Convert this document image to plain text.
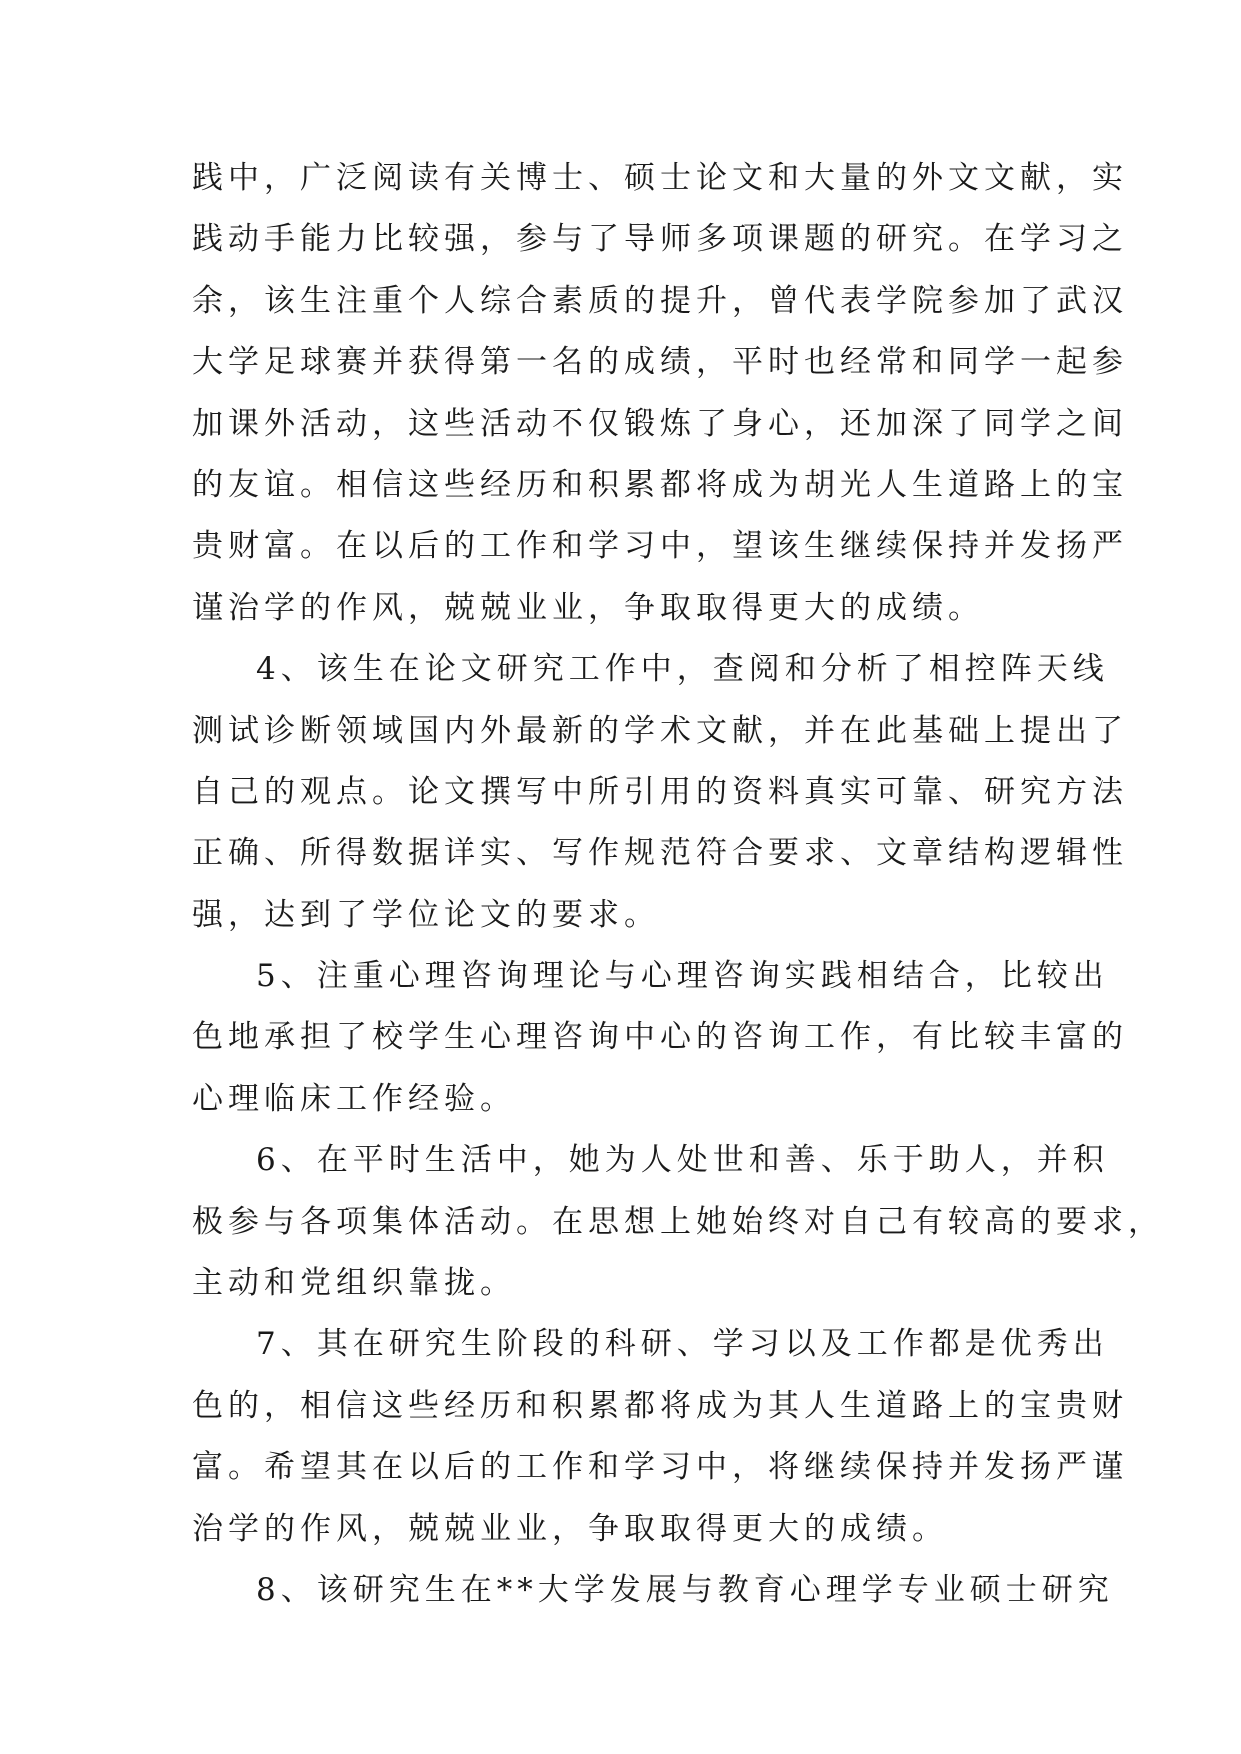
践中，广泛阅读有关博士、硕士论文和大量的外文文献，实
践动手能力比较强，参与了导师多项课题的研究。在学习之
余，该生注重个人综合素质的提升，曾代表学院参加了武汉
大学足球赛并获得第一名的成绩，平时也经常和同学一起参
加课外活动，这些活动不仅锻炼了身心，还加深了同学之间
的友谊。相信这些经历和积累都将成为胡光人生道路上的宝
贵财富。在以后的工作和学习中，望该生继续保持并发扬严
谨治学的作风，兢兢业业，争取取得更大的成绩。
4、该生在论文研究工作中，查阅和分析了相控阵天线
测试诊断领域国内外最新的学术文献，并在此基础上提出了
自己的观点。论文撰写中所引用的资料真实可靠、研究方法
正确、所得数据详实、写作规范符合要求、文章结构逻辑性
强，达到了学位论文的要求。
5、注重心理咨询理论与心理咨询实践相结合，比较出
色地承担了校学生心理咨询中心的咨询工作，有比较丰富的
心理临床工作经验。
6、在平时生活中，她为人处世和善、乐于助人，并积
极参与各项集体活动。在思想上她始终对自己有较高的要求，
主动和党组织靠拢。
7、其在研究生阶段的科研、学习以及工作都是优秀出
色的，相信这些经历和积累都将成为其人生道路上的宝贵财
富。希望其在以后的工作和学习中，将继续保持并发扬严谨
治学的作风，兢兢业业，争取取得更大的成绩。
8、该研究生在**大学发展与教育心理学专业硕士研究
